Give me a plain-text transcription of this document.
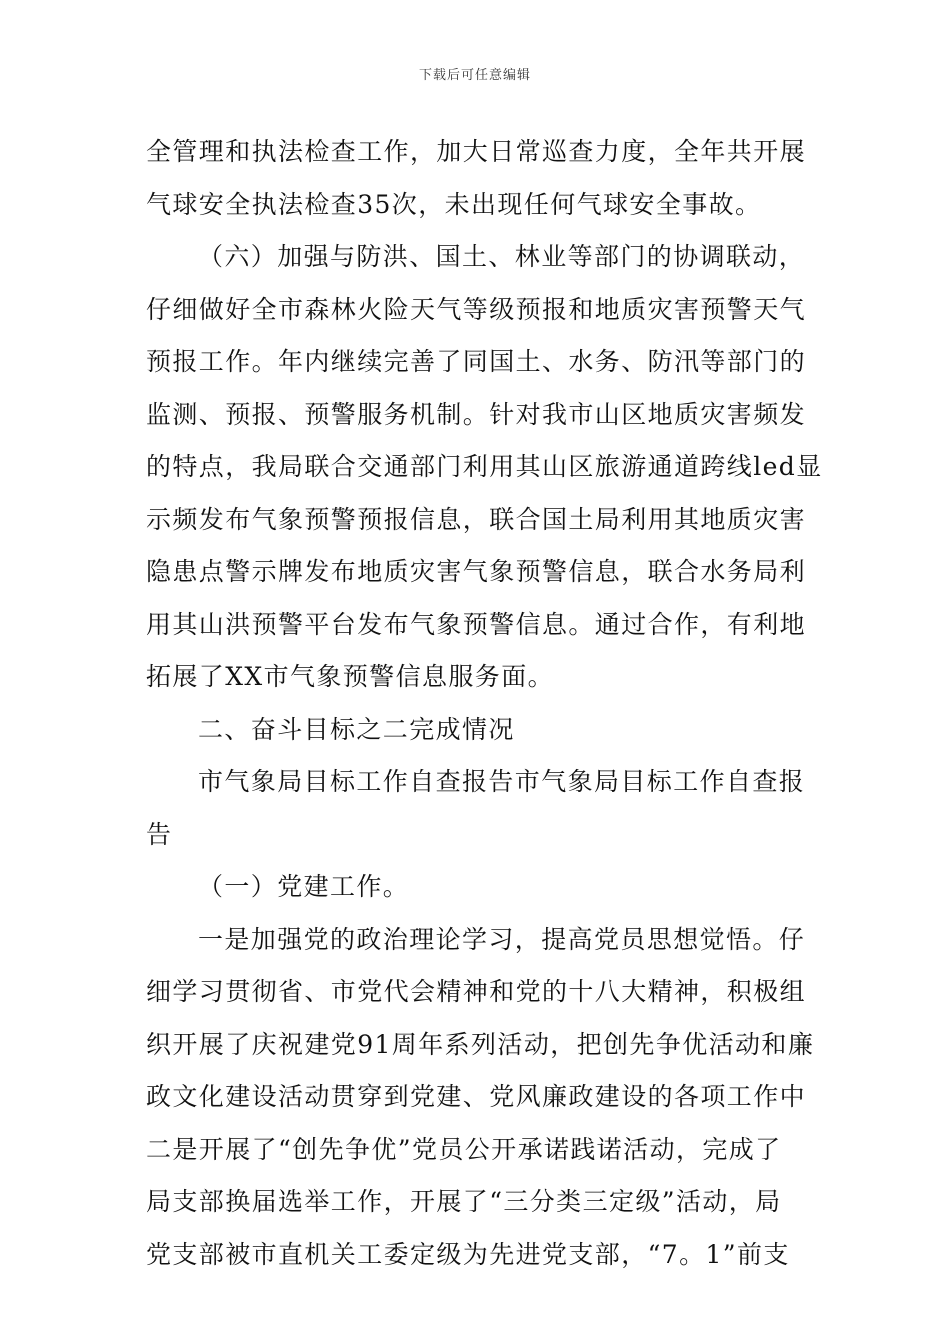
下载后可任意编辑
全管理和执法检查工作，加大日常巡查力度，全年共开展
气球安全执法检查35次，未出现任何气球安全事故。
（六）加强与防洪、国土、林业等部门的协调联动，
仔细做好全市森林火险天气等级预报和地质灾害预警天气
预报工作。年内继续完善了同国土、水务、防汛等部门的
监测、预报、预警服务机制。针对我市山区地质灾害频发
的特点，我局联合交通部门利用其山区旅游通道跨线led显
示频发布气象预警预报信息，联合国土局利用其地质灾害
隐患点警示牌发布地质灾害气象预警信息，联合水务局利
用其山洪预警平台发布气象预警信息。通过合作，有利地
拓展了XX市气象预警信息服务面。
二、奋斗目标之二完成情况
市气象局目标工作自查报告市气象局目标工作自查报
告
（一）党建工作。
一是加强党的政治理论学习，提高党员思想觉悟。仔
细学习贯彻省、市党代会精神和党的十八大精神，积极组
织开展了庆祝建党91周年系列活动，把创先争优活动和廉
政文化建设活动贯穿到党建、党风廉政建设的各项工作中
二是开展了“创先争优”党员公开承诺践诺活动，完成了
局支部换届选举工作，开展了“三分类三定级”活动，局
党支部被市直机关工委定级为先进党支部，“7。1”前支
